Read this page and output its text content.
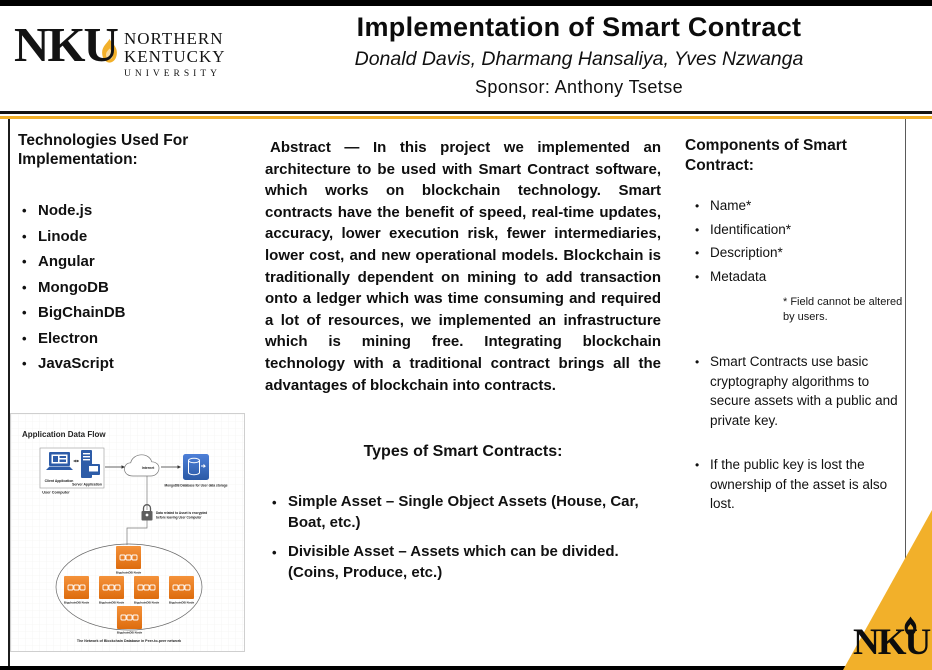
NKU NORTHERN
KENTUCKY
UNIVERSITY
Implementation of Smart Contract
Donald Davis, Dharmang Hansaliya, Yves Nzwanga
Sponsor: Anthony Tsetse
Technologies Used For Implementation:
• Node.js
• Linode
• Angular
• MongoDB
• BigChainDB
• Electron
• JavaScript
Application Data Flow
Client Application
Server Application
User Computer
Internet
MongoDB Database for User data storage
Data related to Asset is encrypted
before leaving User Computer
BigchainDB Node
BigchainDB Node	BigchainDB Node	BigchainDB Node	BigchainDB Node
BigchainDB Node
The Network of Blockchain Database in Peer-to-peer network
Abstract — In this project we implemented an architecture to be used with Smart Contract software, which works on blockchain technology. Smart contracts have the benefit of speed, real-time updates, accuracy, lower execution risk, fewer intermediaries, lower cost, and new operational models. Blockchain is traditionally dependent on mining to add transaction onto a ledger which was time consuming and required a lot of resources, we implemented an infrastructure which is mining free. Integrating blockchain technology with a traditional contract brings all the advantages of blockchain into contracts.
Types of Smart Contracts:
• Simple Asset – Single Object Assets (House, Car, Boat, etc.)
• Divisible Asset – Assets which can be divided. (Coins, Produce, etc.)
Components of Smart Contract:
• Name*
• Identification*
• Description*
• Metadata
* Field cannot be altered by users.
• Smart Contracts use basic cryptography algorithms to secure assets with a public and private key.
• If the public key is lost the ownership of the asset is also lost.
NKU
